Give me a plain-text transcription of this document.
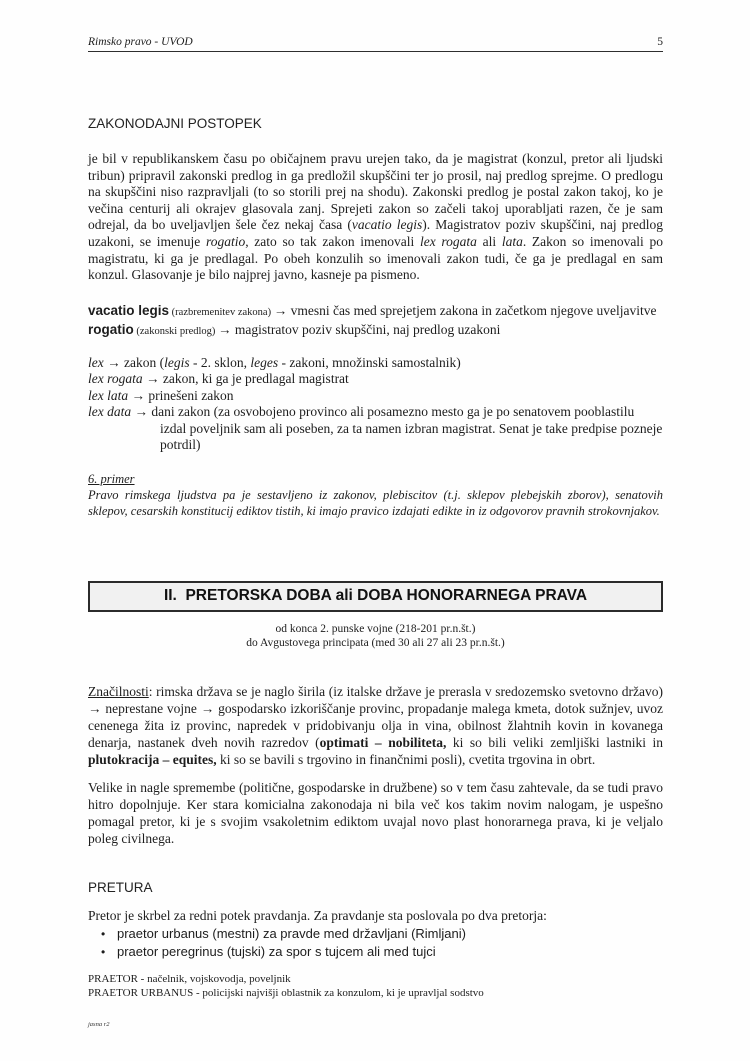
Rimsko pravo - UVOD	5
ZAKONODAJNI POSTOPEK

je bil v republikanskem času po običajnem pravu urejen tako, da je magistrat (konzul, pretor ali ljudski tribun) pripravil zakonski predlog in ga predložil skupščini ter jo prosil, naj predlog sprejme. O predlogu na skupščini niso razpravljali (to so storili prej na shodu). Zakonski predlog je postal zakon takoj, ko je večina centurij ali okrajev glasovala zanj. Sprejeti zakon so začeli takoj uporabljati razen, če je sam odrejal, da bo uveljavljen šele čez nekaj časa (vacatio legis). Magistratov poziv skupščini, naj predlog uzakoni, se imenuje rogatio, zato so tak zakon imenovali lex rogata ali lata. Zakon so imenovali po magistratu, ki ga je predlagal. Po obeh konzulih so imenovali zakon tudi, če ga je predlagal en sam konzul. Glasovanje je bilo najprej javno, kasneje pa pismeno.

vacatio legis (razbremenitev zakona) → vmesni čas med sprejetjem zakona in začetkom njegove uveljavitve
rogatio (zakonski predlog) → magistratov poziv skupščini, naj predlog uzakoni
lex → zakon (legis - 2. sklon, leges - zakoni, množinski samostalnik)
lex rogata → zakon, ki ga je predlagal magistrat
lex lata → prinešeni zakon
lex data → dani zakon (za osvobojeno provinco ali posamezno mesto ga je po senatovem pooblastilu izdal poveljnik sam ali poseben, za ta namen izbran magistrat. Senat je take predpise pozneje potrdil)
6. primer

Pravo rimskega ljudstva pa je sestavljeno iz zakonov, plebiscitov (t.j. sklepov plebejskih zborov), senatovih sklepov, cesarskih konstitucij ediktov tistih, ki imajo pravico izdajati edikte in iz odgovorov pravnih strokovnjakov.

II.  PRETORSKA DOBA ali DOBA HONORARNEGA PRAVA
od konca 2. punske vojne (218-201 pr.n.št.)
do Avgustovega principata (med 30 ali 27 ali 23 pr.n.št.)

Značilnosti: rimska država se je naglo širila (iz italske države je prerasla v sredozemsko svetovno državo) → neprestane vojne → gospodarsko izkoriščanje provinc, propadanje malega kmeta, dotok sužnjev, uvoz cenenega žita iz provinc, napredek v pridobivanju olja in vina, obilnost žlahtnih kovin in kovanega denarja, nastanek dveh novih razredov (optimati – nobiliteta, ki so bili veliki zemljiški lastniki in plutokracija – equites, ki so se bavili s trgovino in finančnimi posli), cvetita trgovina in obrt.

Velike in nagle spremembe (politične, gospodarske in družbene) so v tem času zahtevale, da se tudi pravo hitro dopolnjuje. Ker stara komicialna zakonodaja ni bila več kos takim novim nalogam, je uspešno pomagal pretor, ki je s svojim vsakoletnim ediktom uvajal novo plast honorarnega prava, ki je veljalo poleg civilnega.

PRETURA

Pretor je skrbel za redni potek pravdanja. Za pravdanje sta poslovala po dva pretorja:

• praetor urbanus (mestni) za pravde med državljani (Rimljani)
• praetor peregrinus (tujski) za spor s tujcem ali med tujci
PRAETOR - načelnik, vojskovodja, poveljnik
PRAETOR URBANUS - policijski najvišji oblastnik za konzulom, ki je upravljal sodstvo
jasna r2
